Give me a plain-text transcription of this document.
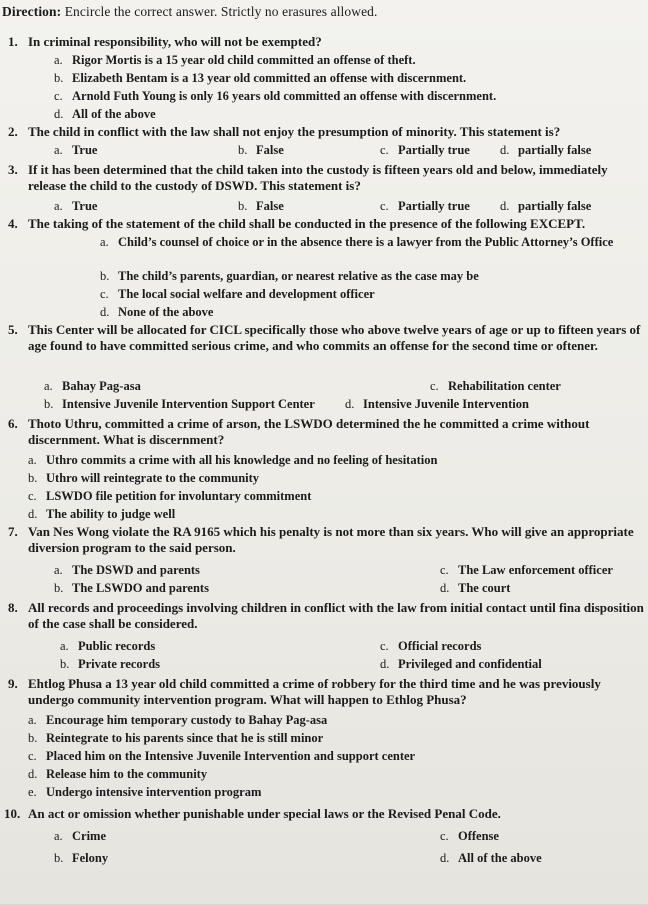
Direction: Encircle the correct answer. Strictly no erasures allowed.
1. In criminal responsibility, who will not be exempted?
a. Rigor Mortis is a 15 year old child committed an offense of theft.
b. Elizabeth Bentam is a 13 year old committed an offense with discernment.
c. Arnold Futh Young is only 16 years old committed an offense with discernment.
d. All of the above
2. The child in conflict with the law shall not enjoy the presumption of minority. This statement is?
a. True	b. False	c. Partially true d. partially false
3. If it has been determined that the child taken into the custody is fifteen years old and below, immediately release the child to the custody of DSWD. This statement is?
a. True	b. False	c. Partially true d. partially false
4. The taking of the statement of the child shall be conducted in the presence of the following EXCEPT.
a. Child’s counsel of choice or in the absence there is a lawyer from the Public Attorney’s Office
b. The child’s parents, guardian, or nearest relative as the case may be
c. The local social welfare and development officer
d. None of the above
5. This Center will be allocated for CICL specifically those who above twelve years of age or up to fifteen years of age found to have committed serious crime, and who commits an offense for the second time or oftener.
a. Bahay Pag-asa	c. Rehabilitation center
b. Intensive Juvenile Intervention Support Center d. Intensive Juvenile Intervention
6. Thoto Uthru, committed a crime of arson, the LSWDO determined the he committed a crime without discernment. What is discernment?
a. Uthro commits a crime with all his knowledge and no feeling of hesitation
b. Uthro will reintegrate to the community
c. LSWDO file petition for involuntary commitment
d. The ability to judge well
7. Van Nes Wong violate the RA 9165 which his penalty is not more than six years. Who will give an appropriate diversion program to the said person.
a. The DSWD and parents	c. The Law enforcement officer
b. The LSWDO and parents	d. The court
8. All records and proceedings involving children in conflict with the law from initial contact until fina disposition of the case shall be considered.
a. Public records	c. Official records
b. Private records	d. Privileged and confidential
9. Ehtlog Phusa a 13 year old child committed a crime of robbery for the third time and he was previously undergo community intervention program. What will happen to Ethlog Phusa?
a. Encourage him temporary custody to Bahay Pag-asa
b. Reintegrate to his parents since that he is still minor
c. Placed him on the Intensive Juvenile Intervention and support center
d. Release him to the community
e. Undergo intensive intervention program
10. An act or omission whether punishable under special laws or the Revised Penal Code.
a. Crime	c. Offense
b. Felony	d. All of the above
